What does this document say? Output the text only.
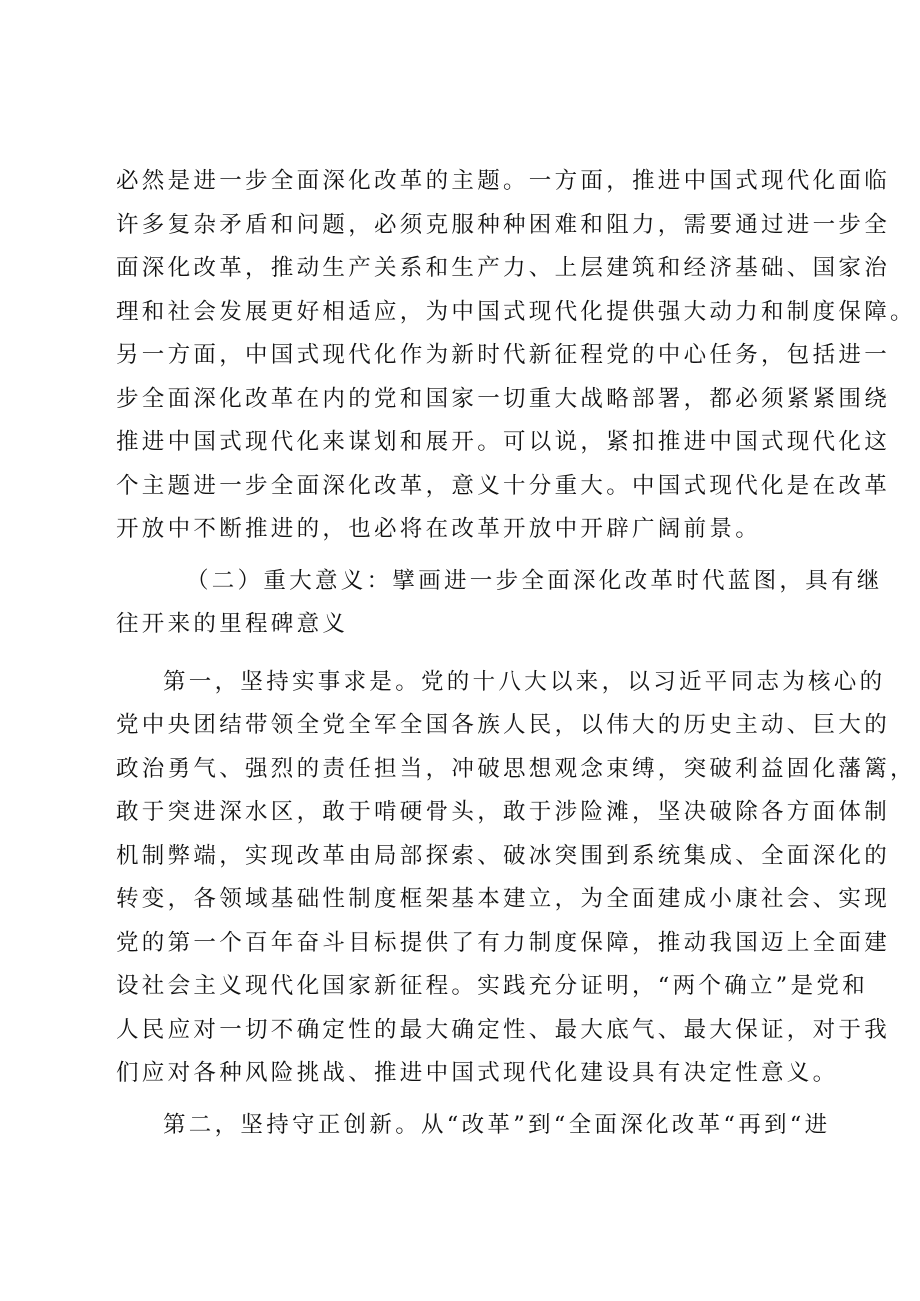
必然是进一步全面深化改革的主题。一方面，推进中国式现代化面临
许多复杂矛盾和问题，必须克服种种困难和阻力，需要通过进一步全
面深化改革，推动生产关系和生产力、上层建筑和经济基础、国家治
理和社会发展更好相适应，为中国式现代化提供强大动力和制度保障。
另一方面，中国式现代化作为新时代新征程党的中心任务，包括进一
步全面深化改革在内的党和国家一切重大战略部署，都必须紧紧围绕
推进中国式现代化来谋划和展开。可以说，紧扣推进中国式现代化这
个主题进一步全面深化改革，意义十分重大。中国式现代化是在改革
开放中不断推进的，也必将在改革开放中开辟广阔前景。
（二）重大意义：擘画进一步全面深化改革时代蓝图，具有继
往开来的里程碑意义
第一，坚持实事求是。党的十八大以来，以习近平同志为核心的
党中央团结带领全党全军全国各族人民，以伟大的历史主动、巨大的
政治勇气、强烈的责任担当，冲破思想观念束缚，突破利益固化藩篱，
敢于突进深水区，敢于啃硬骨头，敢于涉险滩，坚决破除各方面体制
机制弊端，实现改革由局部探索、破冰突围到系统集成、全面深化的
转变，各领域基础性制度框架基本建立，为全面建成小康社会、实现
党的第一个百年奋斗目标提供了有力制度保障，推动我国迈上全面建
设社会主义现代化国家新征程。实践充分证明，“两个确立”是党和
人民应对一切不确定性的最大确定性、最大底气、最大保证，对于我
们应对各种风险挑战、推进中国式现代化建设具有决定性意义。
第二，坚持守正创新。从“改革”到“全面深化改革“再到“进
